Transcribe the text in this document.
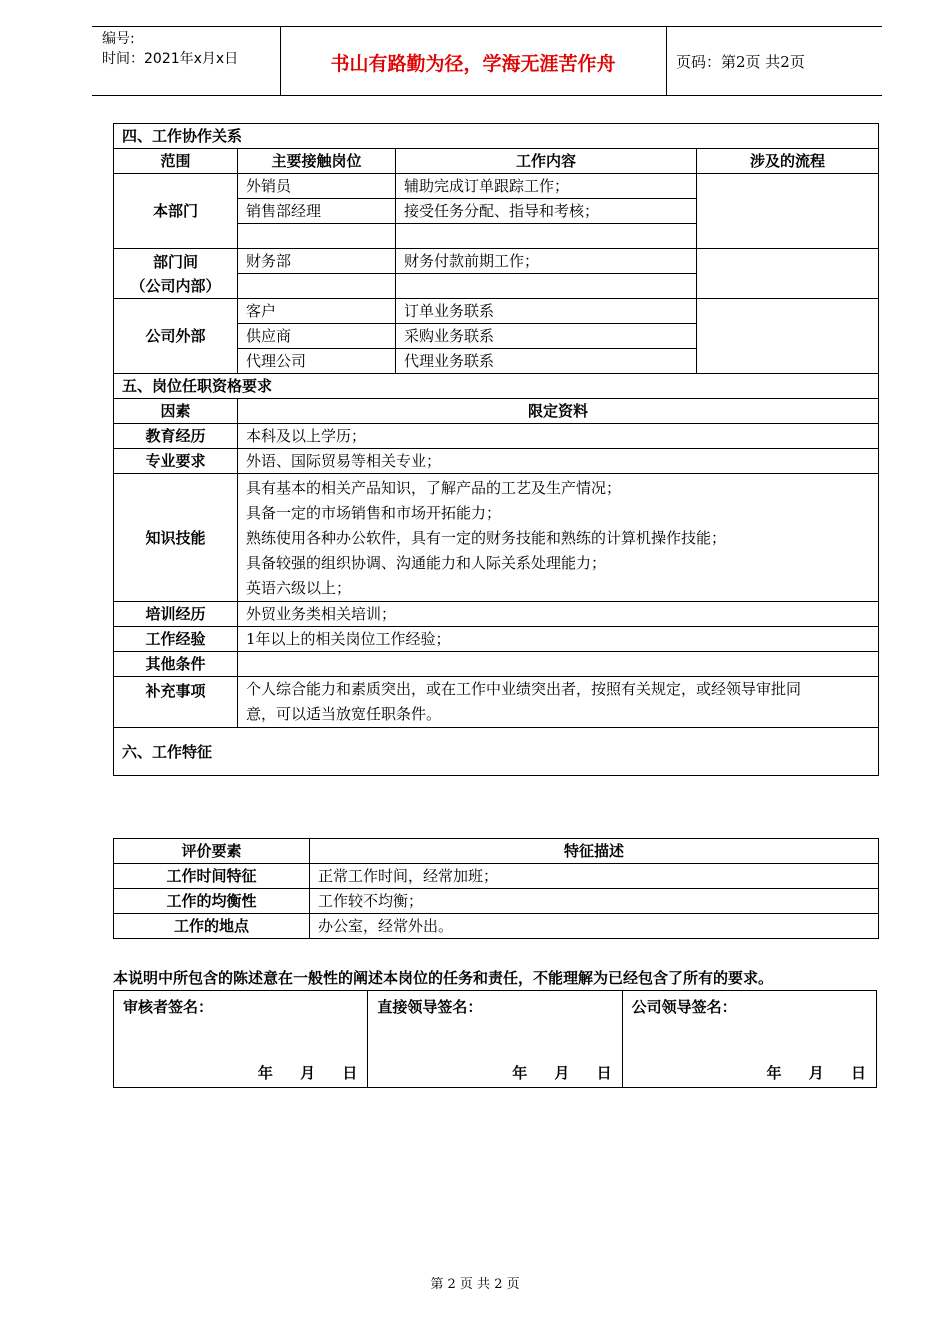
编号:
时间：2021年x月x日	书山有路勤为径，学海无涯苦作舟	页码：第2页 共2页
四、工作协作关系			
范围	主要接触岗位	工作内容	涉及的流程
本部门	外销员	辅助完成订单跟踪工作；	
	销售部经理	接受任务分配、指导和考核；	

部门间
（公司内部）	财务部	财务付款前期工作；	

公司外部	客户	订单业务联系	
	供应商	采购业务联系	
	代理公司	代理业务联系	
五、岗位任职资格要求			
因素	限定资料		
教育经历	本科及以上学历；		
专业要求	外语、国际贸易等相关专业；		
知识技能	具有基本的相关产品知识，了解产品的工艺及生产情况；
具备一定的市场销售和市场开拓能力；
熟练使用各种办公软件，具有一定的财务技能和熟练的计算机操作技能；
具备较强的组织协调、沟通能力和人际关系处理能力；
英语六级以上；		

培训经历	外贸业务类相关培训；		
工作经验	1年以上的相关岗位工作经验；		
其他条件			
补充事项	个人综合能力和素质突出，或在工作中业绩突出者，按照有关规定，或经领导审批同
意，可以适当放宽任职条件。		

六、工作特征			
评价要素	特征描述
工作时间特征	正常工作时间，经常加班；
工作的均衡性	工作较不均衡；
工作的地点	办公室，经常外出。
本说明中所包含的陈述意在一般性的阐述本岗位的任务和责任，不能理解为已经包含了所有的要求。
审核者签名：
年 月 日
直接领导签名：
年 月 日
公司领导签名：
年 月 日
第 2 页 共 2 页
